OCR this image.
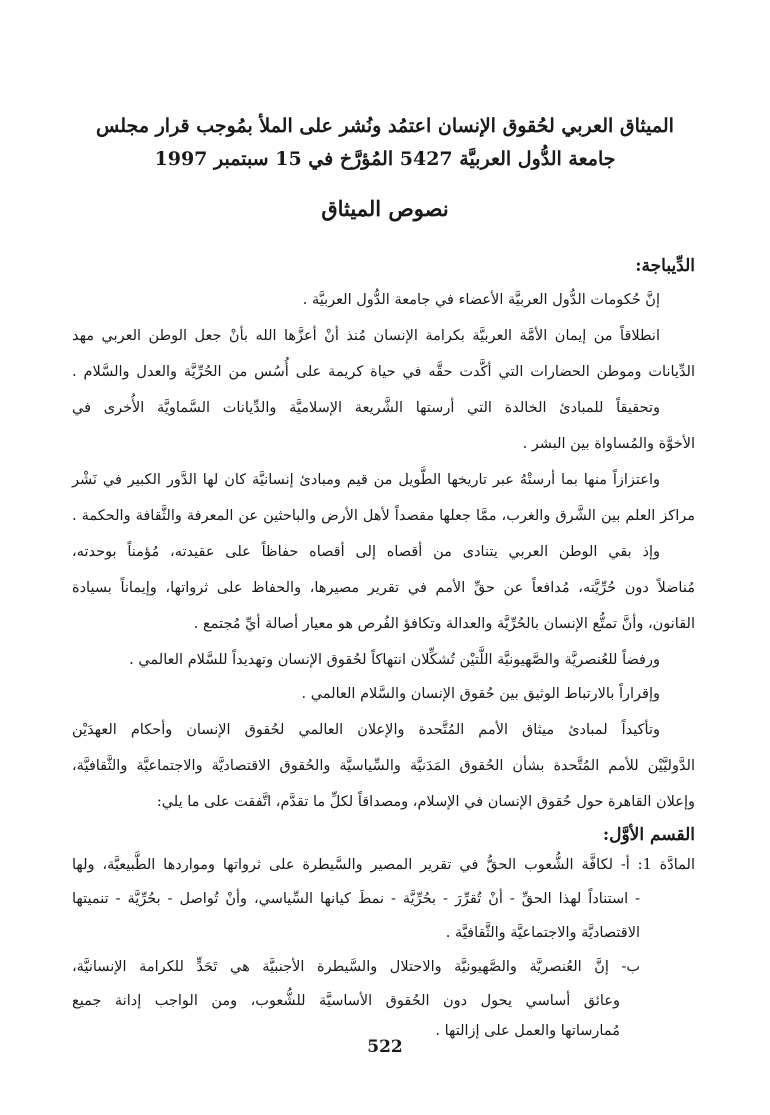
الميثاق العربي لحُقوق الإنسان اعتمُد ونُشر على الملأ بمُوجب قرار مجلس
جامعة الدُّول العربيَّة 5427 المُؤرَّخ في 15 سبتمبر 1997
نصوص الميثاق
الدِّيباجة:
إنَّ حُكومات الدُّول العربيَّة الأعضاء في جامعة الدُّول العربيَّة .
انطلاقاً من إيمان الأمَّة العربيَّة بكرامة الإنسان مُنذ أنْ أعزَّها الله بأنْ جعل الوطن العربي مهد
الدِّيانات وموطن الحضارات التي أكَّدت حقَّه في حياة كريمة على أُسُس من الحُرِّيَّة والعدل والسَّلام .
وتحقيقاً للمبادئ الخالدة التي أرستها الشَّريعة الإسلاميَّة والدِّيانات السَّماويَّة الأُخرى في
الأخوَّة والمُساواة بين البشر .
واعتزازاً منها بما أرستْهُ عبر تاريخها الطَّويل من قيم ومبادئ إنسانيَّة كان لها الدَّور الكبير في نَشْر
مراكز العلم بين الشَّرق والغرب، ممَّا جعلها مقصداً لأهل الأرض والباحثين عن المعرفة والثَّقافة والحكمة .
وإذ بقي الوطن العربي يتنادى من أقصاه إلى أقصاه حفاظاً على عقيدته، مُؤمناً بوحدته،
مُناضلاً دون حُرِّيَّته، مُدافعاً عن حقِّ الأمم في تقرير مصيرها، والحفاظ على ثرواتها، وإيماناً بسيادة
القانون، وأنَّ تمتُّع الإنسان بالحُرِّيَّة والعدالة وتكافؤ الفُرص هو معيار أصالة أيِّ مُجتمع .
ورفضاً للعُنصريَّة والصَّهيونيَّة اللَّتيْن تُشكِّلان انتهاكاً لحُقوق الإنسان وتهديداً للسَّلام العالمي .
وإقراراً بالارتباط الوثيق بين حُقوق الإنسان والسَّلام العالمي .
وتأكيداً لمبادئ ميثاق الأمم المُتَّحدة والإعلان العالمي لحُقوق الإنسان وأحكام العهدَيْن
الدَّوليَّيْن للأمم المُتَّحدة بشأن الحُقوق المَدَنيَّة والسِّياسيَّة والحُقوق الاقتصاديَّة والاجتماعيَّة والثَّقافيَّة،
وإعلان القاهرة حول حُقوق الإنسان في الإسلام، ومصداقاً لكلِّ ما تقدَّم، اتَّفقت على ما يلي:
القسم الأوَّل:
المادَّة 1: أ- لكافَّة الشُّعوب الحقُّ في تقرير المصير والسَّيطرة على ثرواتها ومواردها الطَّبيعيَّة، ولها
- استناداً لهذا الحقِّ - أنْ تُقرِّرَ - بحُرِّيَّة - نمطَ كيانها السِّياسي، وأنْ تُواصل - بحُرِّيَّة - تنميتها
الاقتصاديَّة والاجتماعيَّة والثَّقافيَّة .
ب- إنَّ العُنصريَّة والصَّهيونيَّة والاحتلال والسَّيطرة الأجنبيَّة هي تَحَدٍّ للكرامة الإنسانيَّة،
وعائق أساسي يحول دون الحُقوق الأساسيَّة للشُّعوب، ومن الواجب إدانة جميع
مُمارساتها والعمل على إزالتها .
522
